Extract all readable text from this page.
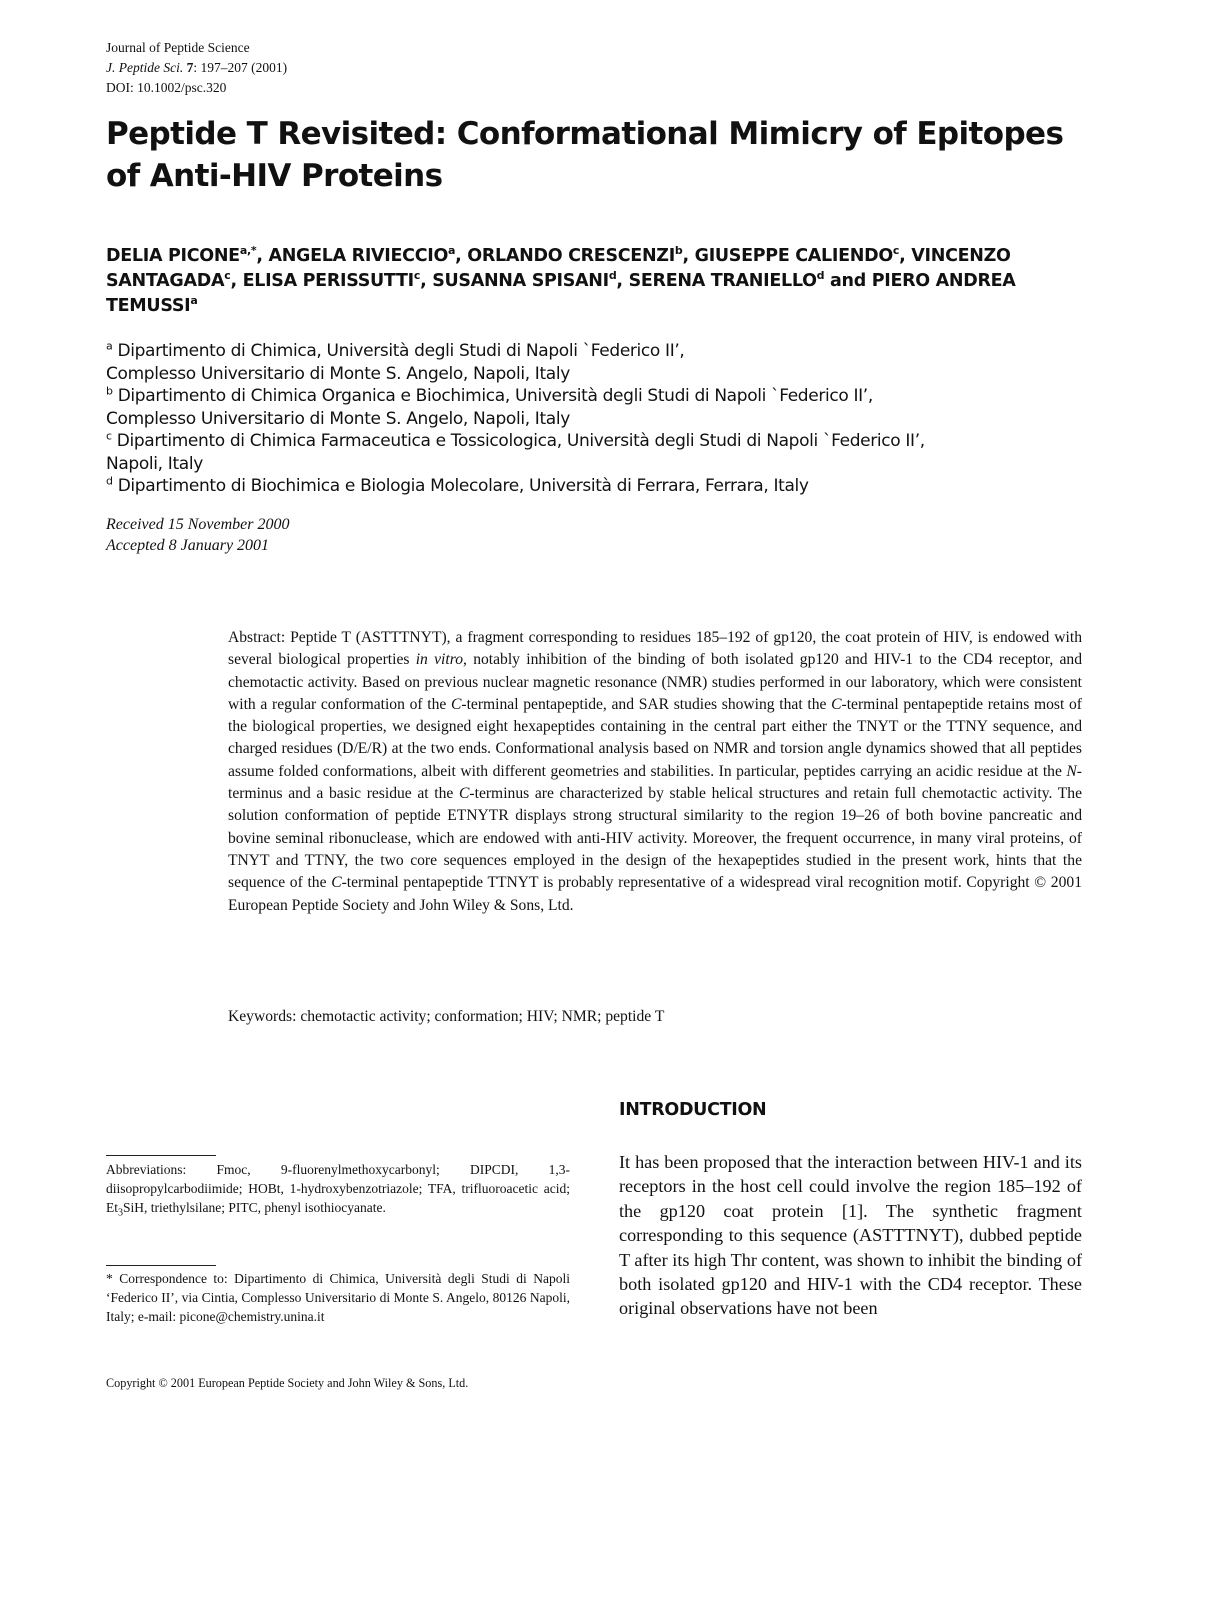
Journal of Peptide Science
J. Peptide Sci. 7: 197–207 (2001)
DOI: 10.1002/psc.320
Peptide T Revisited: Conformational Mimicry of Epitopes of Anti-HIV Proteins
DELIA $PICONE^{a,*}$, ANGELA RIVIECCIO$^a$, ORLANDO CRESCENZI$^b$, GIUSEPPE CALIENDO$^c$, VINCENZO SANTAGADA$^c$, ELISA PERISSUTTI$^c$, SUSANNA SPISANI$^d$, SERENA TRANIELLO$^d$ and PIERO ANDREA TEMUSSI$^a$
$^a$ Dipartimento di Chimica, Università degli Studi di Napoli `Federico II’,
Complesso Universitario di Monte S. Angelo, Napoli, Italy
$^b$ Dipartimento di Chimica Organica e Biochimica, Università degli Studi di Napoli `Federico II’,
Complesso Universitario di Monte S. Angelo, Napoli, Italy
$^c$ Dipartimento di Chimica Farmaceutica e Tossicologica, Università degli Studi di Napoli `Federico II’,
Napoli, Italy
$^d$ Dipartimento di Biochimica e Biologia Molecolare, Università di Ferrara, Ferrara, Italy
Received 15 November 2000
Accepted 8 January 2001

Abstract: Peptide T (ASTTTNYT), a fragment corresponding to residues 185–192 of gp120, the coat protein of HIV, is endowed with several biological properties in vitro, notably inhibition of the binding of both isolated gp120 and HIV-1 to the CD4 receptor, and chemotactic activity. Based on previous nuclear magnetic resonance (NMR) studies performed in our laboratory, which were consistent with a regular conformation of the C-terminal pentapeptide, and SAR studies showing that the C-terminal pentapeptide retains most of the biological properties, we designed eight hexapeptides containing in the central part either the TNYT or the TTNY sequence, and charged residues (D/E/R) at the two ends. Conformational analysis based on NMR and torsion angle dynamics showed that all peptides assume folded conformations, albeit with different geometries and stabilities. In particular, peptides carrying an acidic residue at the N-terminus and a basic residue at the C-terminus are characterized by stable helical structures and retain full chemotactic activity. The solution conformation of peptide ETNYTR displays strong structural similarity to the region 19–26 of both bovine pancreatic and bovine seminal ribonuclease, which are endowed with anti-HIV activity. Moreover, the frequent occurrence, in many viral proteins, of TNYT and TTNY, the two core sequences employed in the design of the hexapeptides studied in the present work, hints that the sequence of the C-terminal pentapeptide TTNYT is probably representative of a widespread viral recognition motif. Copyright © 2001 European Peptide Society and John Wiley & Sons, Ltd.

Keywords: chemotactic activity; conformation; HIV; NMR; peptide T
INTRODUCTION

It has been proposed that the interaction between HIV-1 and its receptors in the host cell could involve the region 185–192 of the gp120 coat protein [1]. The synthetic fragment corresponding to this sequence (ASTTTNYT), dubbed peptide T after its high Thr content, was shown to inhibit the binding of both isolated gp120 and HIV-1 with the CD4 receptor. These original observations have not been

Abbreviations: Fmoc, 9-fluorenylmethoxycarbonyl; DIPCDI, 1,3-diisopropylcarbodiimide; HOBt, 1-hydroxybenzotriazole; TFA, trifluoroacetic acid; $Et_3SiH$, triethylsilane; PITC, phenyl isothiocyanate.

* Correspondence to: Dipartimento di Chimica, Università degli Studi di Napoli ‘Federico II’, via Cintia, Complesso Universitario di Monte S. Angelo, 80126 Napoli, Italy; e-mail: picone@chemistry.unina.it

Copyright © 2001 European Peptide Society and John Wiley & Sons, Ltd.
